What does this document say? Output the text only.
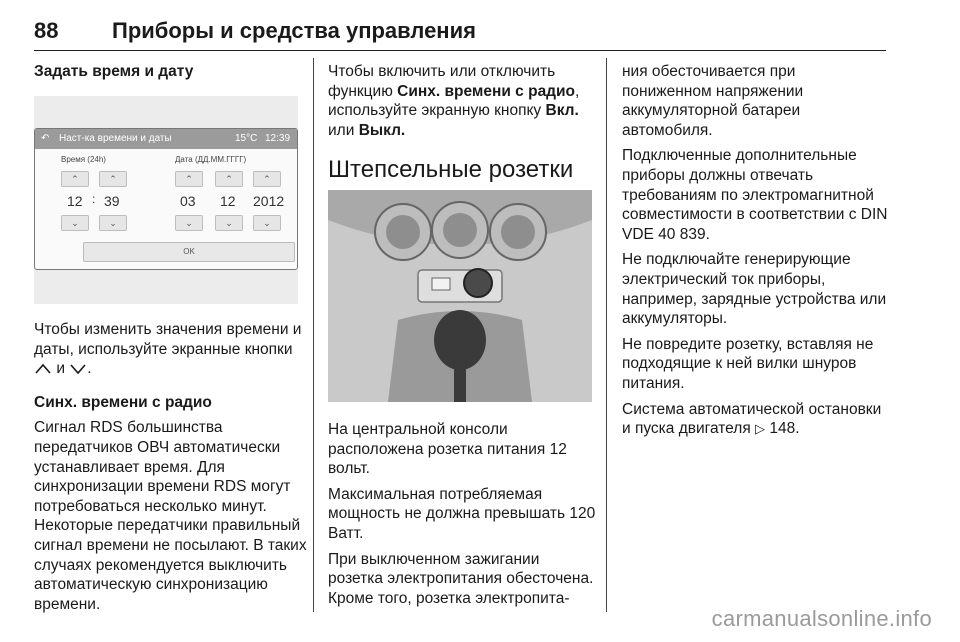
88 Приборы и средства управления

Задать время и дату

↶ Наст-ка времени и даты	15°C 12:39
Время (24h)	Дата (ДД.ММ.ГГГГ)
⌃	⌃	⌃	⌃	⌃
12 : 39	03 12 2012
⌄	⌄	⌄	⌄	⌄
OK

Чтобы изменить значения времени и даты, используйте экранные кнопки  и .

Синх. времени с радио

Сигнал RDS большинства передатчиков ОВЧ автоматически устанавливает время. Для синхронизации времени RDS могут потребоваться несколько минут. Некоторые передатчики правильный сигнал времени не посылают. В таких случаях рекомендуется выключить автоматическую синхронизацию времени.

Чтобы включить или отключить функцию Синх. времени с радио, используйте экранную кнопку Вкл. или Выкл.

Штепсельные розетки

На центральной консоли расположена розетка питания 12 вольт.

Максимальная потребляемая мощность не должна превышать 120 Ватт.

При выключенном зажигании розетка электропитания обесточена. Кроме того, розетка электропита-

ния обесточивается при пониженном напряжении аккумуляторной батареи автомобиля.

Подключенные дополнительные приборы должны отвечать требованиям по электромагнитной совместимости в соответствии с DIN VDE 40 839.

Не подключайте генерирующие электрический ток приборы, например, зарядные устройства или аккумуляторы.

Не повредите розетку, вставляя не подходящие к ней вилки шнуров питания.

Система автоматической остановки и пуска двигателя ▷ 148.

carmanualsonline.info
